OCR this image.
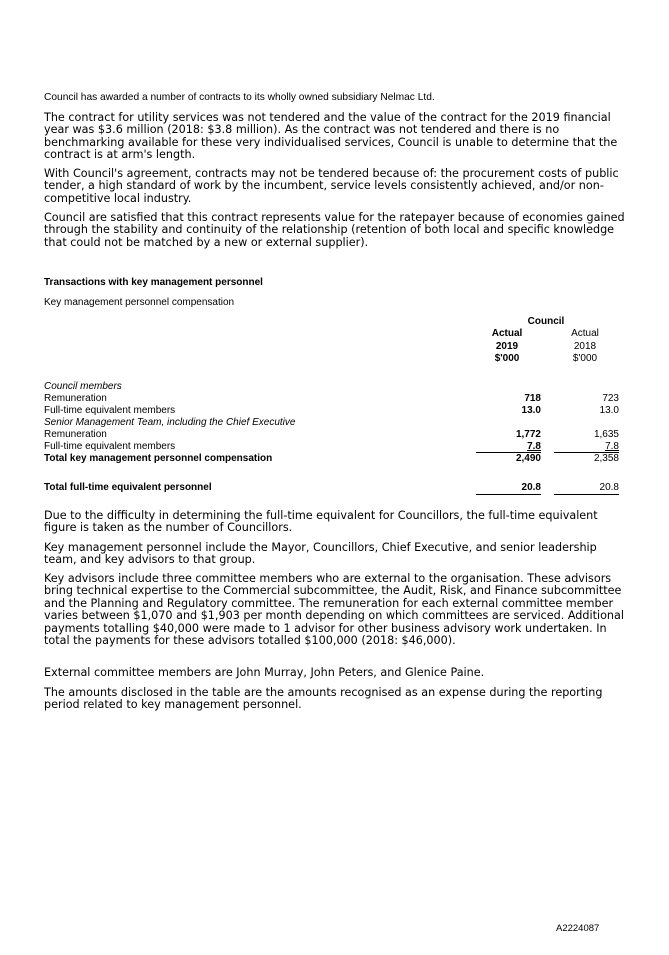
Council has awarded a number of contracts to its wholly owned subsidiary Nelmac Ltd.

The contract for utility services was not tendered and the value of the contract for the 2019 financial year was $3.6 million (2018: $3.8 million). As the contract was not tendered and there is no benchmarking available for these very individualised services, Council is unable to determine that the contract is at arm's length.

With Council's agreement, contracts may not be tendered because of: the procurement costs of public tender, a high standard of work by the incumbent, service levels consistently achieved, and/or non-competitive local industry.

Council are satisfied that this contract represents value for the ratepayer because of economies gained through the stability and continuity of the relationship (retention of both local and specific knowledge that could not be matched by a new or external supplier).

Transactions with key management personnel
Key management personnel compensation
Council
Actual
2019
$'000
Actual
2018
$'000
Council members
Remuneration	718	723
Full-time equivalent members	13.0	13.0
Senior Management Team, including the Chief Executive
Remuneration	1,772	1,635
Full-time equivalent members	7.8	7.8
Total key management personnel compensation	2,490	2,358
Total full-time equivalent personnel	20.8	20.8

Due to the difficulty in determining the full-time equivalent for Councillors, the full-time equivalent figure is taken as the number of Councillors.

Key management personnel include the Mayor, Councillors, Chief Executive, and senior leadership team, and key advisors to that group.

Key advisors include three committee members who are external to the organisation. These advisors bring technical expertise to the Commercial subcommittee, the Audit, Risk, and Finance subcommittee and the Planning and Regulatory committee. The remuneration for each external committee member varies between $1,070 and $1,903 per month depending on which committees are serviced. Additional payments totalling $40,000 were made to 1 advisor for other business advisory work undertaken. In total the payments for these advisors totalled $100,000 (2018: $46,000).

External committee members are John Murray, John Peters, and Glenice Paine.

The amounts disclosed in the table are the amounts recognised as an expense during the reporting period related to key management personnel.

A2224087
